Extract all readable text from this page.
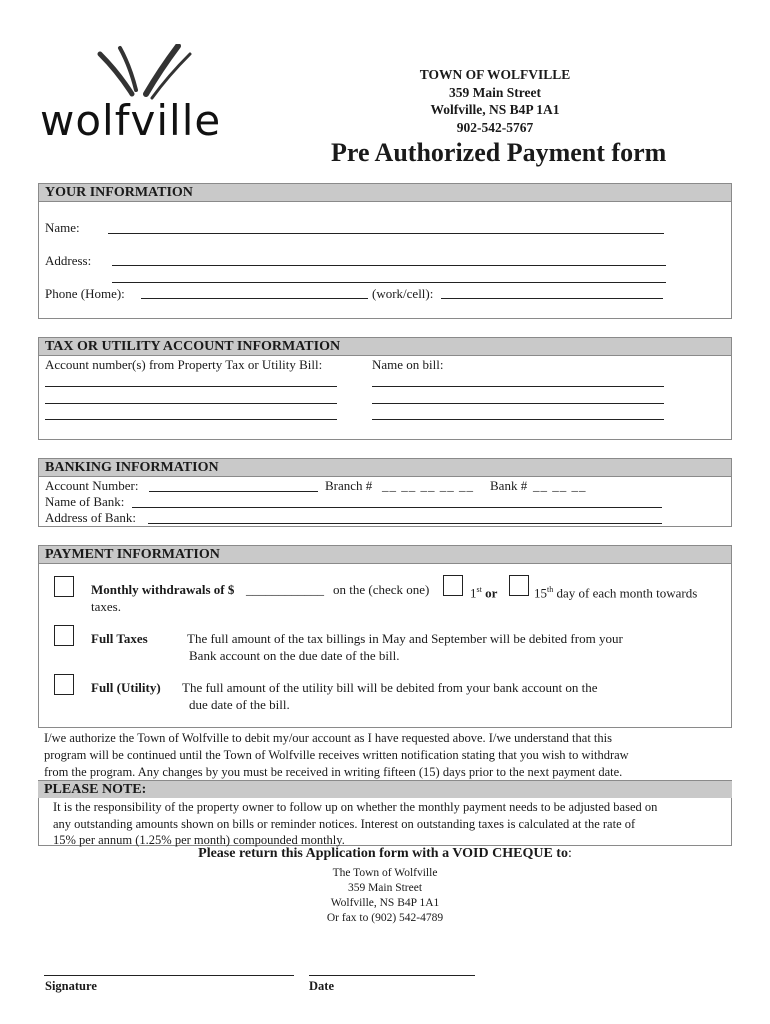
wolfville
TOWN OF WOLFVILLE
359 Main Street
Wolfville, NS B4P 1A1
902-542-5767
Pre Authorized Payment form
YOUR INFORMATION
Name:
Address:
Phone (Home):	(work/cell):
TAX OR UTILITY ACCOUNT INFORMATION
Account number(s) from Property Tax or Utility Bill:	Name on bill:
BANKING INFORMATION
Account Number:	Branch # __ __ __ __ __ Bank # __ __ __
Name of Bank:
Address of Bank:
PAYMENT INFORMATION
Monthly withdrawals of $ ____________ on the (check one)	1st or	15th day of each month towards
taxes.
Full Taxes	The full amount of the tax billings in May and September will be debited from your
Bank account on the due date of the bill.
Full (Utility) The full amount of the utility bill will be debited from your bank account on the
due date of the bill.
I/we authorize the Town of Wolfville to debit my/our account as I have requested above. I/we understand that this
program will be continued until the Town of Wolfville receives written notification stating that you wish to withdraw
from the program. Any changes by you must be received in writing fifteen (15) days prior to the next payment date.
PLEASE NOTE:
It is the responsibility of the property owner to follow up on whether the monthly payment needs to be adjusted based on
any outstanding amounts shown on bills or reminder notices. Interest on outstanding taxes is calculated at the rate of
15% per annum (1.25% per month) compounded monthly.
Please return this Application form with a VOID CHEQUE to:
The Town of Wolfville
359 Main Street
Wolfville, NS B4P 1A1
Or fax to (902) 542-4789
Signature	Date
